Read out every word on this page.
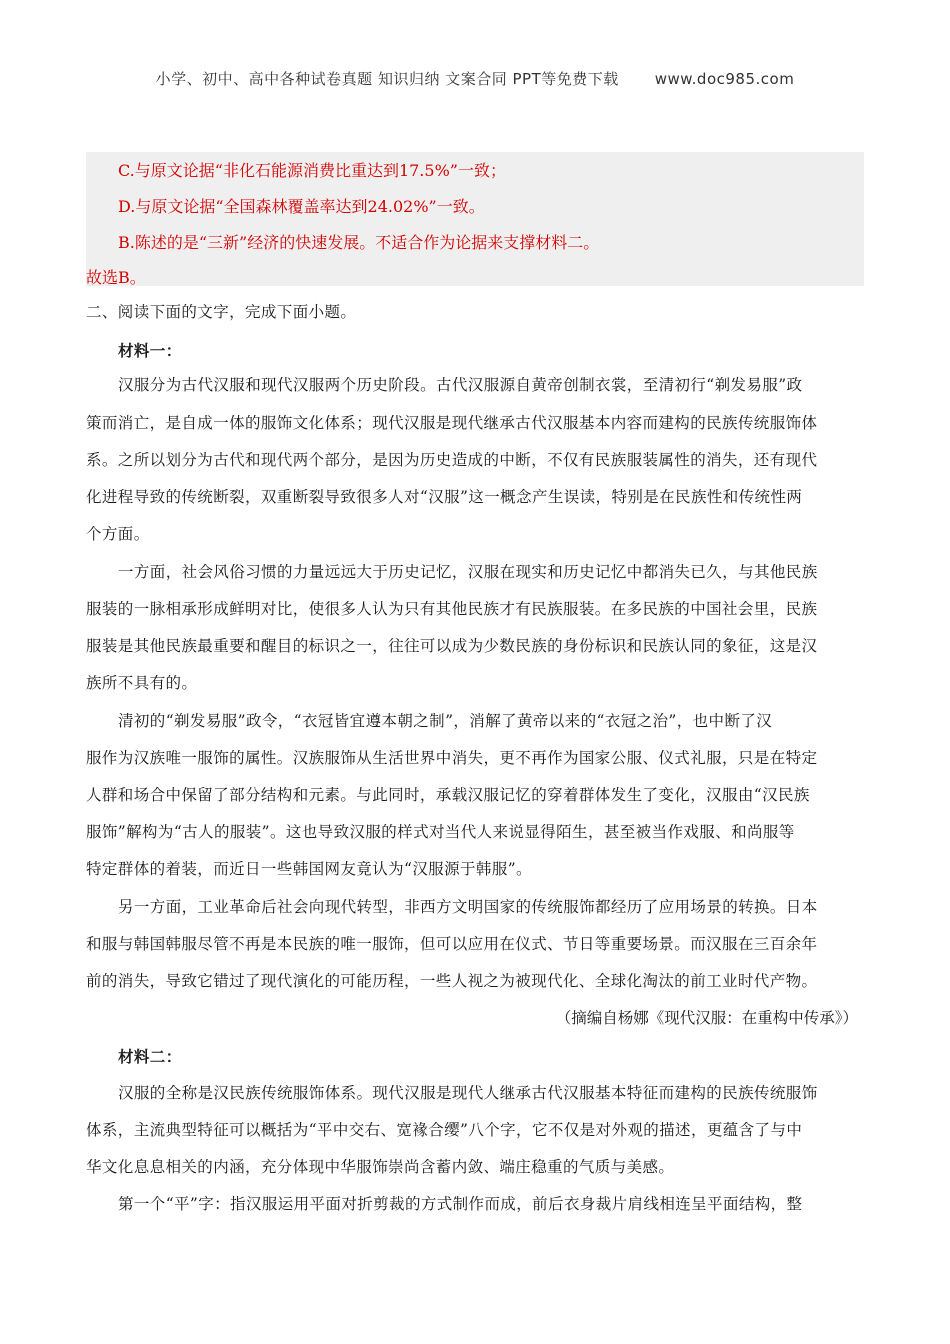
小学、初中、高中各种试卷真题 知识归纳 文案合同 PPT等免费下载 www.doc985.com

C.与原文论据“非化石能源消费比重达到17.5%”一致；

D.与原文论据“全国森林覆盖率达到24.02%”一致。

B.陈述的是“三新”经济的快速发展。不适合作为论据来支撑材料二。

故选B。

二、阅读下面的文字，完成下面小题。
材料一：
汉服分为古代汉服和现代汉服两个历史阶段。古代汉服源自黄帝创制衣裳，至清初行“剃发易服”政
策而消亡，是自成一体的服饰文化体系；现代汉服是现代继承古代汉服基本内容而建构的民族传统服饰体
系。之所以划分为古代和现代两个部分，是因为历史造成的中断，不仅有民族服装属性的消失，还有现代
化进程导致的传统断裂，双重断裂导致很多人对“汉服”这一概念产生误读，特别是在民族性和传统性两
个方面。
一方面，社会风俗习惯的力量远远大于历史记忆，汉服在现实和历史记忆中都消失已久，与其他民族
服装的一脉相承形成鲜明对比，使很多人认为只有其他民族才有民族服装。在多民族的中国社会里，民族
服装是其他民族最重要和醒目的标识之一，往往可以成为少数民族的身份标识和民族认同的象征，这是汉
族所不具有的。
清初的“剃发易服”政令，“衣冠皆宜遵本朝之制”，消解了黄帝以来的“衣冠之治”，也中断了汉
服作为汉族唯一服饰的属性。汉族服饰从生活世界中消失，更不再作为国家公服、仪式礼服，只是在特定
人群和场合中保留了部分结构和元素。与此同时，承载汉服记忆的穿着群体发生了变化，汉服由“汉民族
服饰”解构为“古人的服装”。这也导致汉服的样式对当代人来说显得陌生，甚至被当作戏服、和尚服等
特定群体的着装，而近日一些韩国网友竟认为“汉服源于韩服”。
另一方面，工业革命后社会向现代转型，非西方文明国家的传统服饰都经历了应用场景的转换。日本
和服与韩国韩服尽管不再是本民族的唯一服饰，但可以应用在仪式、节日等重要场景。而汉服在三百余年
前的消失，导致它错过了现代演化的可能历程，一些人视之为被现代化、全球化淘汰的前工业时代产物。
（摘编自杨娜《现代汉服：在重构中传承》）
材料二：
汉服的全称是汉民族传统服饰体系。现代汉服是现代人继承古代汉服基本特征而建构的民族传统服饰
体系，主流典型特征可以概括为“平中交右、宽褖合缨”八个字，它不仅是对外观的描述，更蕴含了与中
华文化息息相关的内涵，充分体现中华服饰崇尚含蓄内敛、端庄稳重的气质与美感。
第一个“平”字：指汉服运用平面对折剪裁的方式制作而成，前后衣身裁片肩线相连呈平面结构，整
